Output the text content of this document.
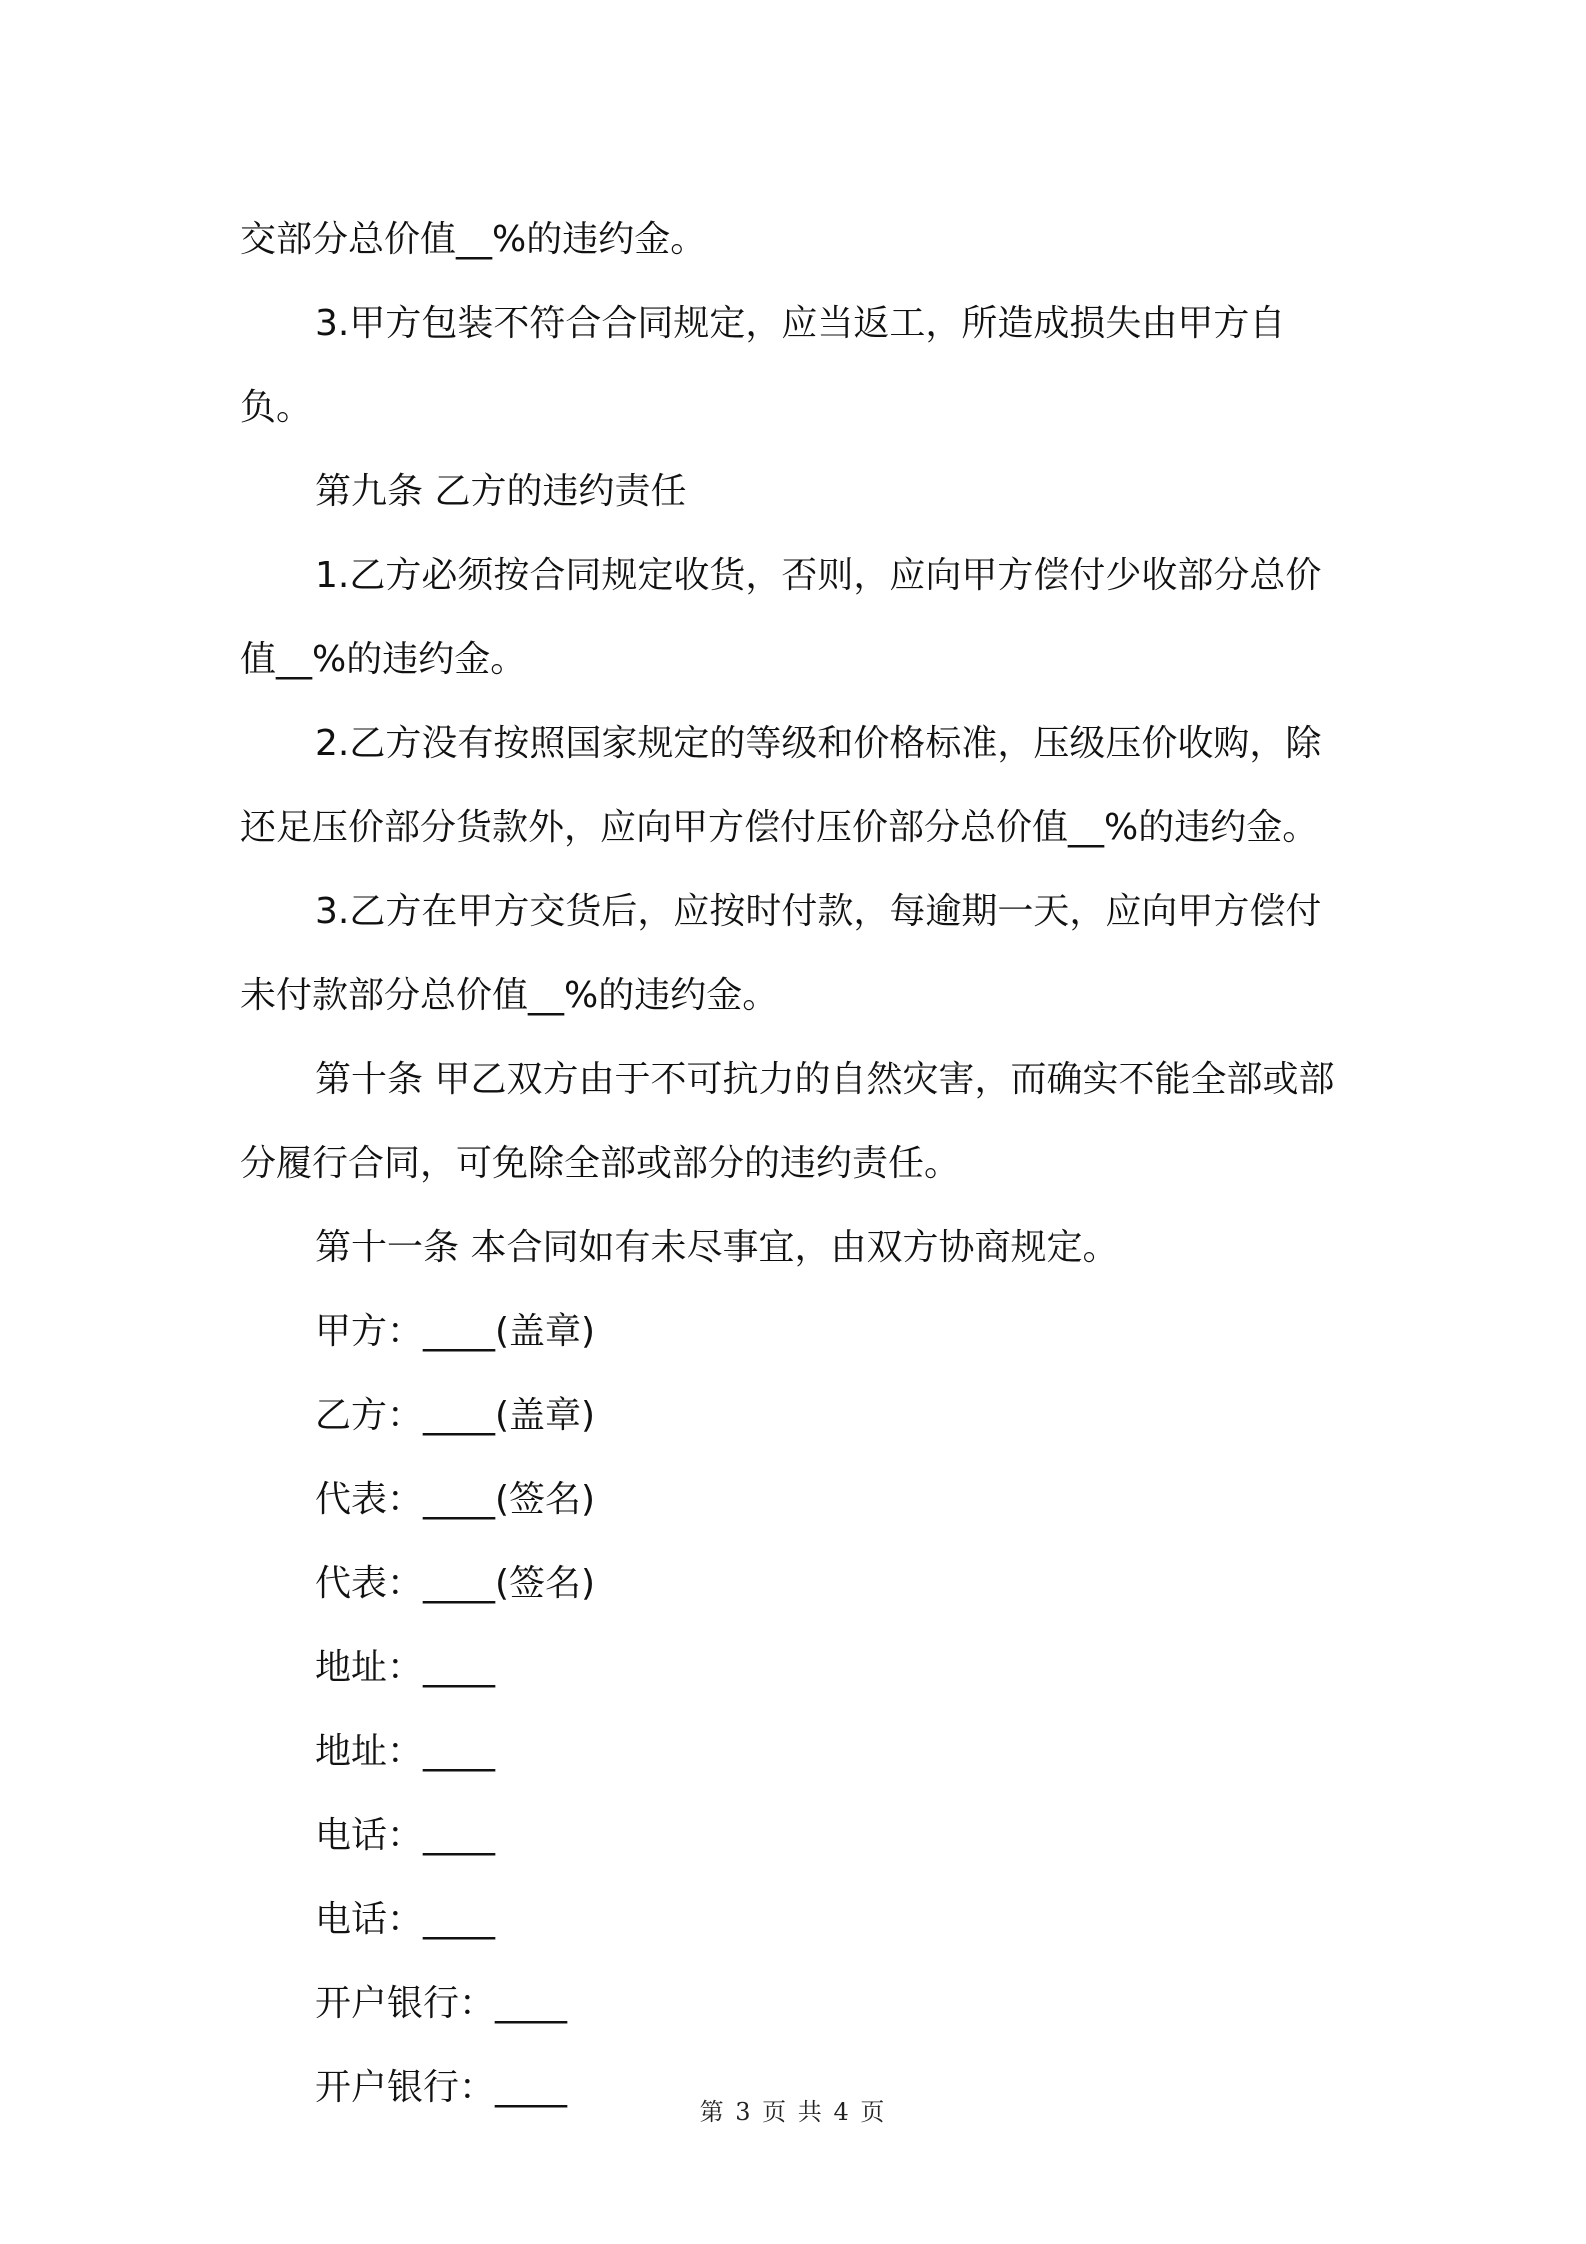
交部分总价值__%的违约金。

3.甲方包装不符合合同规定，应当返工，所造成损失由甲方自负。

第九条 乙方的违约责任

1.乙方必须按合同规定收货，否则，应向甲方偿付少收部分总价值__%的违约金。

2.乙方没有按照国家规定的等级和价格标准，压级压价收购，除还足压价部分货款外，应向甲方偿付压价部分总价值__%的违约金。

3.乙方在甲方交货后，应按时付款，每逾期一天，应向甲方偿付未付款部分总价值__%的违约金。

第十条 甲乙双方由于不可抗力的自然灾害，而确实不能全部或部分履行合同，可免除全部或部分的违约责任。

第十一条 本合同如有未尽事宜，由双方协商规定。

甲方：____(盖章)

乙方：____(盖章)

代表：____(签名)

代表：____(签名)

地址：____

地址：____

电话：____

电话：____

开户银行：____

开户银行：____

第 3 页 共 4 页
